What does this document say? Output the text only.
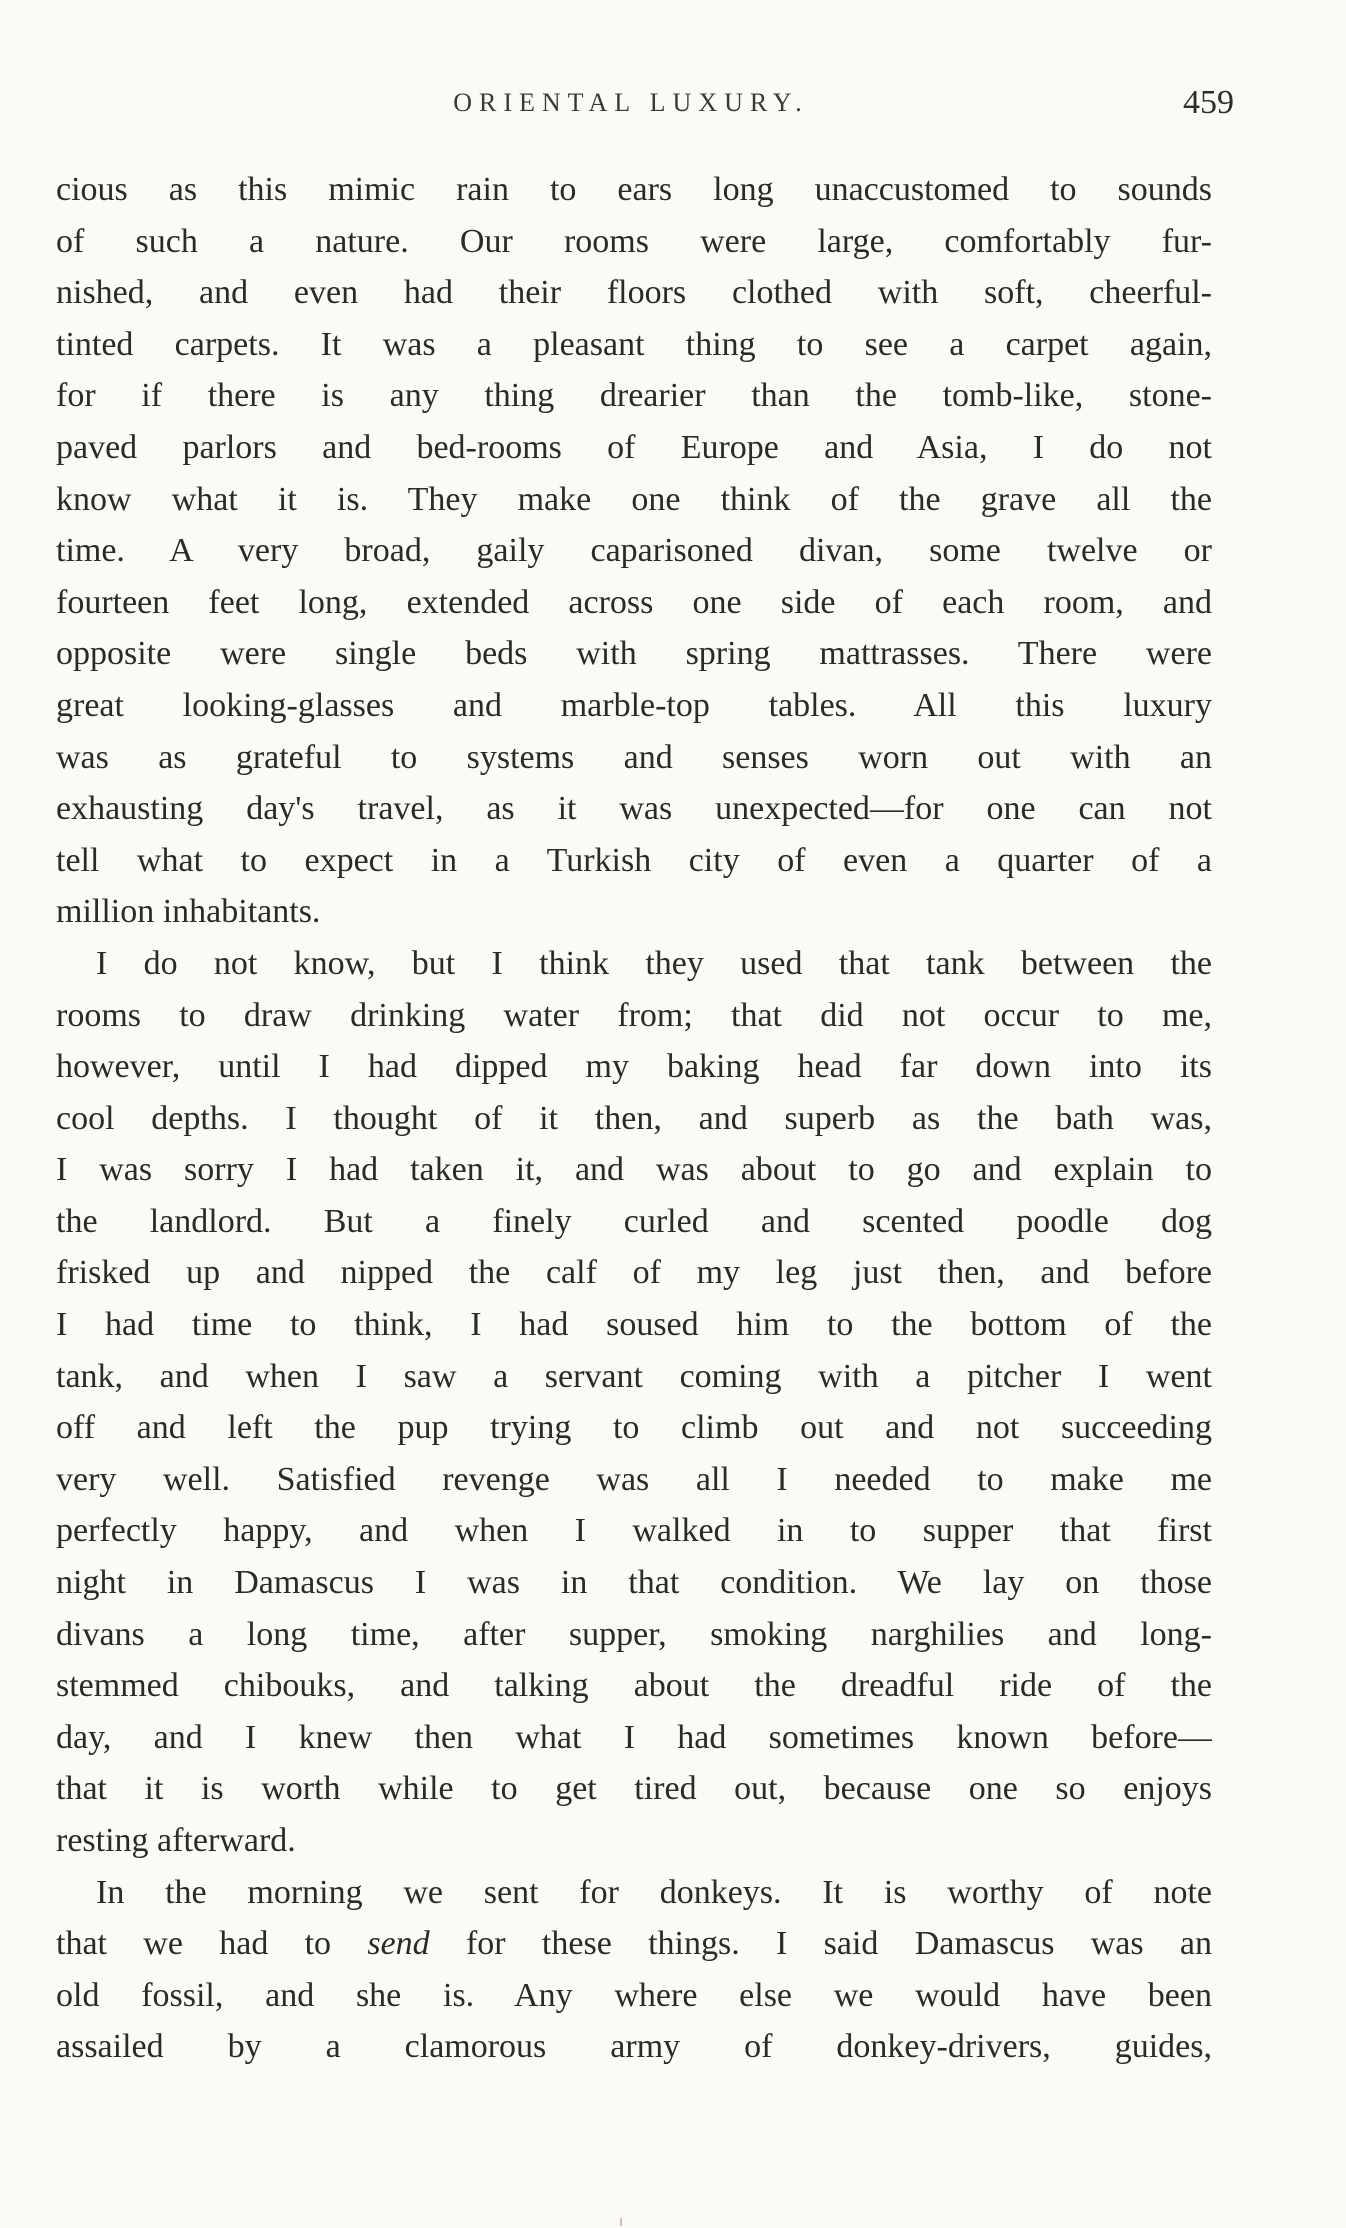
ORIENTAL LUXURY.	459
cious as this mimic rain to ears long unaccustomed to sounds
of such a nature. Our rooms were large, comfortably fur-
nished, and even had their floors clothed with soft, cheerful-
tinted carpets. It was a pleasant thing to see a carpet again,
for if there is any thing drearier than the tomb-like, stone-
paved parlors and bed-rooms of Europe and Asia, I do not
know what it is. They make one think of the grave all the
time. A very broad, gaily caparisoned divan, some twelve or
fourteen feet long, extended across one side of each room, and
opposite were single beds with spring mattrasses. There were
great looking-glasses and marble-top tables. All this luxury
was as grateful to systems and senses worn out with an
exhausting day's travel, as it was unexpected—for one can not
tell what to expect in a Turkish city of even a quarter of a
million inhabitants.
I do not know, but I think they used that tank between the
rooms to draw drinking water from; that did not occur to me,
however, until I had dipped my baking head far down into its
cool depths. I thought of it then, and superb as the bath was,
I was sorry I had taken it, and was about to go and explain to
the landlord. But a finely curled and scented poodle dog
frisked up and nipped the calf of my leg just then, and before
I had time to think, I had soused him to the bottom of the
tank, and when I saw a servant coming with a pitcher I went
off and left the pup trying to climb out and not succeeding
very well. Satisfied revenge was all I needed to make me
perfectly happy, and when I walked in to supper that first
night in Damascus I was in that condition. We lay on those
divans a long time, after supper, smoking narghilies and long-
stemmed chibouks, and talking about the dreadful ride of the
day, and I knew then what I had sometimes known before—
that it is worth while to get tired out, because one so enjoys
resting afterward.
In the morning we sent for donkeys. It is worthy of note
that we had to send for these things. I said Damascus was an
old fossil, and she is. Any where else we would have been
assailed by a clamorous army of donkey-drivers, guides,
